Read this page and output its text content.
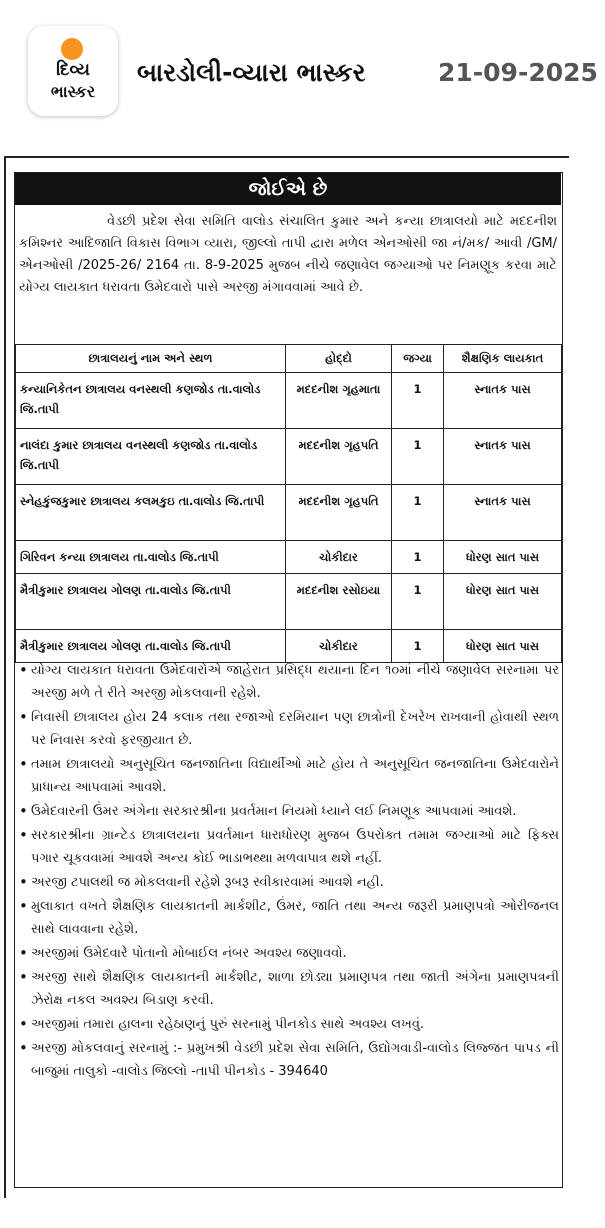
દિવ્ય
ભાસ્કર
બારડોલી-વ્યારા ભાસ્કર	21-09-2025
જોઈએ છે

વેડછી પ્રદેશ સેવા સમિતિ વાલોડ સંચાલિત કુમાર અને કન્યા છાત્રાલયો માટે મદદનીશ કમિશ્નર આદિજાતિ વિકાસ વિભાગ વ્યારા, જીલ્લો તાપી દ્વારા મળેલ એનઓસી જા નં/મક/ આવી /GM/ એનઓસી /2025-26/ 2164 તા. 8-9-2025 મુજબ નીચે જણાવેલ જગ્યાઓ પર નિમણૂક કરવા માટે યોગ્ય લાયકાત ધરાવતા ઉમેદવારો પાસે અરજી મંગાવવામાં આવે છે.

છાત્રાલયનું નામ અને સ્થળ	હોદ્દો	જગ્યા	શૈક્ષણિક લાયકાત
કન્યાનિકેતન છાત્રાલય વનસ્થલી કણજોડ તા.વાલોડ જિ.તાપી	મદદનીશ ગૃહમાતા	1	સ્નાતક પાસ
નાલંદા કુમાર છાત્રાલય વનસ્થલી કણજોડ તા.વાલોડ જિ.તાપી	મદદનીશ ગૃહપતિ	1	સ્નાતક પાસ
સ્નેહકુંજકુમાર છાત્રાલય કલમકુઇ તા.વાલોડ જિ.તાપી	મદદનીશ ગૃહપતિ	1	સ્નાતક પાસ
ગિરિવન કન્યા છાત્રાલય તા.વાલોડ જિ.તાપી	ચોકીદાર	1	ધોરણ સાત પાસ
મૈત્રીકુમાર છાત્રાલય ગોલણ તા.વાલોડ જિ.તાપી	મદદનીશ રસોઇયા	1	ધોરણ સાત પાસ
મૈત્રીકુમાર છાત્રાલય ગોલણ તા.વાલોડ જિ.તાપી	ચોકીદાર	1	ધોરણ સાત પાસ
• યોગ્ય લાયકાત ધરાવતા ઉમેદવારોએ જાહેરાત પ્રસિદ્ધ થયાના દિન ૧૦માં નીચે જણાવેલ સરનામા પર અરજી મળે તે રીતે અરજી મોકલવાની રહેશે.
• નિવાસી છાત્રાલય હોય 24 કલાક તથા રજાઓ દરમિયાન પણ છાત્રોની દેખરેખ રાખવાની હોવાથી સ્થળ પર નિવાસ કરવો ફરજીયાત છે.
• તમામ છાત્રાલયો અનુસૂચિત જનજાતિના વિદ્યાર્થીઓ માટે હોય તે અનુસૂચિત જનજાતિના ઉમેદવારોને પ્રાધાન્ય આપવામાં આવશે.
• ઉમેદવારની ઉંમર અંગેના સરકારશ્રીના પ્રવર્તમાન નિયમો ધ્યાને લઈ નિમણૂક આપવામાં આવશે.
• સરકારશ્રીના ગ્રાન્ટેડ છાત્રાલયના પ્રવર્તમાન ધારાધોરણ મુજબ ઉપરોક્ત તમામ જગ્યાઓ માટે ફિક્સ પગાર ચૂકવવામાં આવશે અન્ય કોઈ ભાડાભથ્થા મળવાપાત્ર થશે નહીં.
• અરજી ટપાલથી જ મોકલવાની રહેશે રૂબરૂ સ્વીકારવામાં આવશે નહી.
• મુલાકાત વખતે શૈક્ષણિક લાયકાતની માર્કશીટ, ઉંમર, જાતિ તથા અન્ય જરૂરી પ્રમાણપત્રો ઓરીજનલ સાથે લાવવાના રહેશે.
• અરજીમાં ઉમેદવારે પોતાનો મોબાઈલ નંબર અવશ્ય જણાવવો.
• અરજી સાથે શૈક્ષણિક લાયકાતની માર્કશીટ, શાળા છોડ્યા પ્રમાણપત્ર તથા જાતી અંગેના પ્રમાણપત્રની ઝેરોક્ષ નકલ અવશ્ય બિડાણ કરવી.
• અરજીમાં તમારા હાલના રહેઠાણનું પુરું સરનામું પીનકોડ સાથે અવશ્ય લખવું.
• અરજી મોકલવાનું સરનામું :- પ્રમુખશ્રી વેડછી પ્રદેશ સેવા સમિતિ, ઉદ્યોગવાડી-વાલોડ લિજ્જત પાપડ ની બાજુમાં તાલુકો -વાલોડ જિલ્લો -તાપી પીનકોડ - 394640
